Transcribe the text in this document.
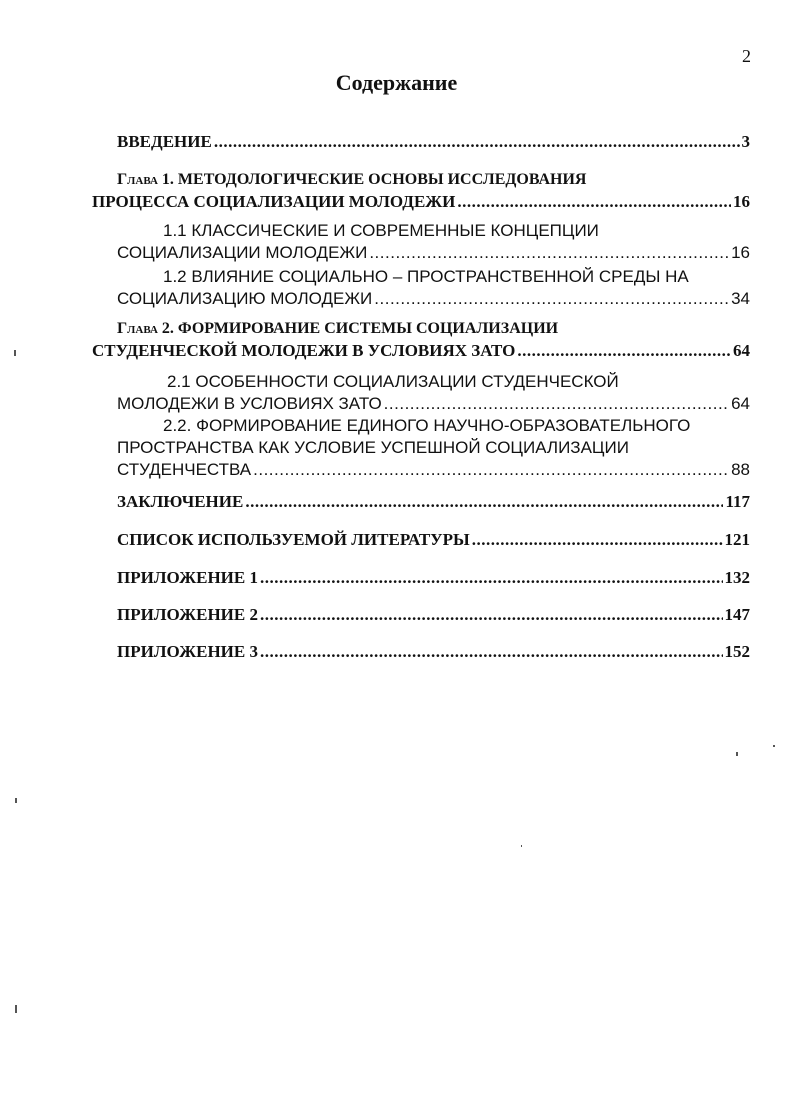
2
Содержание
ВВЕДЕНИЕ .....	3
Глава 1. МЕТОДОЛОГИЧЕСКИЕ ОСНОВЫ ИССЛЕДОВАНИЯ
ПРОЦЕССА СОЦИАЛИЗАЦИИ МОЛОДЕЖИ .....	16
1.1 КЛАССИЧЕСКИЕ И СОВРЕМЕННЫЕ КОНЦЕПЦИИ
СОЦИАЛИЗАЦИИ МОЛОДЕЖИ .....	16
1.2 ВЛИЯНИЕ СОЦИАЛЬНО – ПРОСТРАНСТВЕННОЙ СРЕДЫ НА
СОЦИАЛИЗАЦИЮ МОЛОДЕЖИ .....	34
Глава 2. ФОРМИРОВАНИЕ СИСТЕМЫ СОЦИАЛИЗАЦИИ
СТУДЕНЧЕСКОЙ МОЛОДЕЖИ В УСЛОВИЯХ ЗАТО .....	64
2.1 ОСОБЕННОСТИ СОЦИАЛИЗАЦИИ СТУДЕНЧЕСКОЙ
МОЛОДЕЖИ В УСЛОВИЯХ ЗАТО .....	64
2.2. ФОРМИРОВАНИЕ ЕДИНОГО НАУЧНО-ОБРАЗОВАТЕЛЬНОГО
ПРОСТРАНСТВА КАК УСЛОВИЕ УСПЕШНОЙ СОЦИАЛИЗАЦИИ
СТУДЕНЧЕСТВА .....	88
ЗАКЛЮЧЕНИЕ .....	117
СПИСОК ИСПОЛЬЗУЕМОЙ ЛИТЕРАТУРЫ .....	121
ПРИЛОЖЕНИЕ 1 .....	132
ПРИЛОЖЕНИЕ 2 .....	147
ПРИЛОЖЕНИЕ 3 .....	152
